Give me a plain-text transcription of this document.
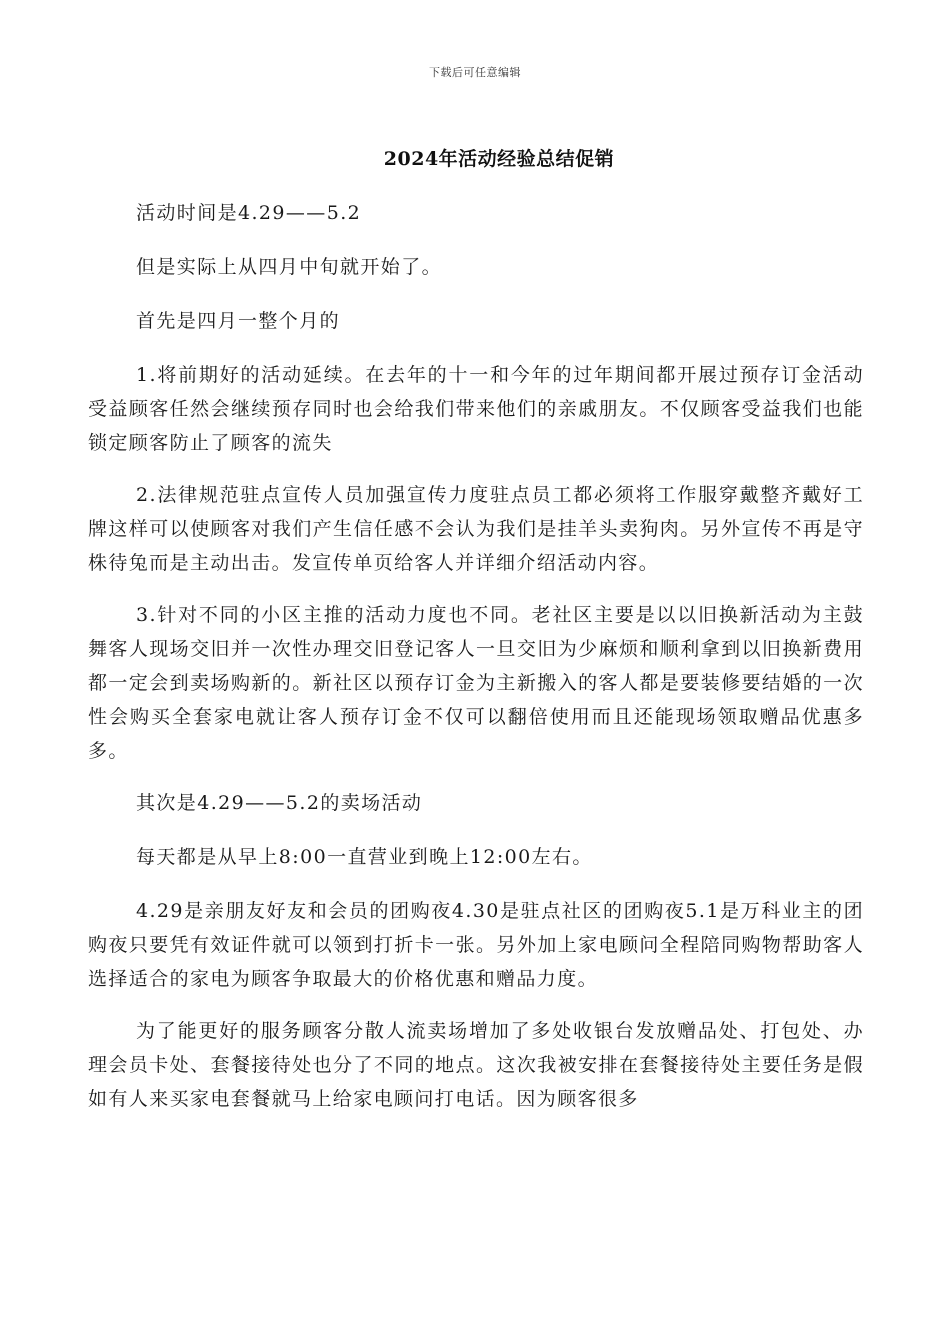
下载后可任意编辑
2024年活动经验总结促销

活动时间是4.29——5.2

但是实际上从四月中旬就开始了。

首先是四月一整个月的

1.将前期好的活动延续。在去年的十一和今年的过年期间都开展过预存订金活动受益顾客任然会继续预存同时也会给我们带来他们的亲戚朋友。不仅顾客受益我们也能锁定顾客防止了顾客的流失

2.法律规范驻点宣传人员加强宣传力度驻点员工都必须将工作服穿戴整齐戴好工牌这样可以使顾客对我们产生信任感不会认为我们是挂羊头卖狗肉。另外宣传不再是守株待兔而是主动出击。发宣传单页给客人并详细介绍活动内容。

3.针对不同的小区主推的活动力度也不同。老社区主要是以以旧换新活动为主鼓舞客人现场交旧并一次性办理交旧登记客人一旦交旧为少麻烦和顺利拿到以旧换新费用都一定会到卖场购新的。新社区以预存订金为主新搬入的客人都是要装修要结婚的一次性会购买全套家电就让客人预存订金不仅可以翻倍使用而且还能现场领取赠品优惠多多。

其次是4.29——5.2的卖场活动

每天都是从早上8:00一直营业到晚上12:00左右。

4.29是亲朋友好友和会员的团购夜4.30是驻点社区的团购夜5.1是万科业主的团购夜只要凭有效证件就可以领到打折卡一张。另外加上家电顾问全程陪同购物帮助客人选择适合的家电为顾客争取最大的价格优惠和赠品力度。

为了能更好的服务顾客分散人流卖场增加了多处收银台发放赠品处、打包处、办理会员卡处、套餐接待处也分了不同的地点。这次我被安排在套餐接待处主要任务是假如有人来买家电套餐就马上给家电顾问打电话。因为顾客很多
